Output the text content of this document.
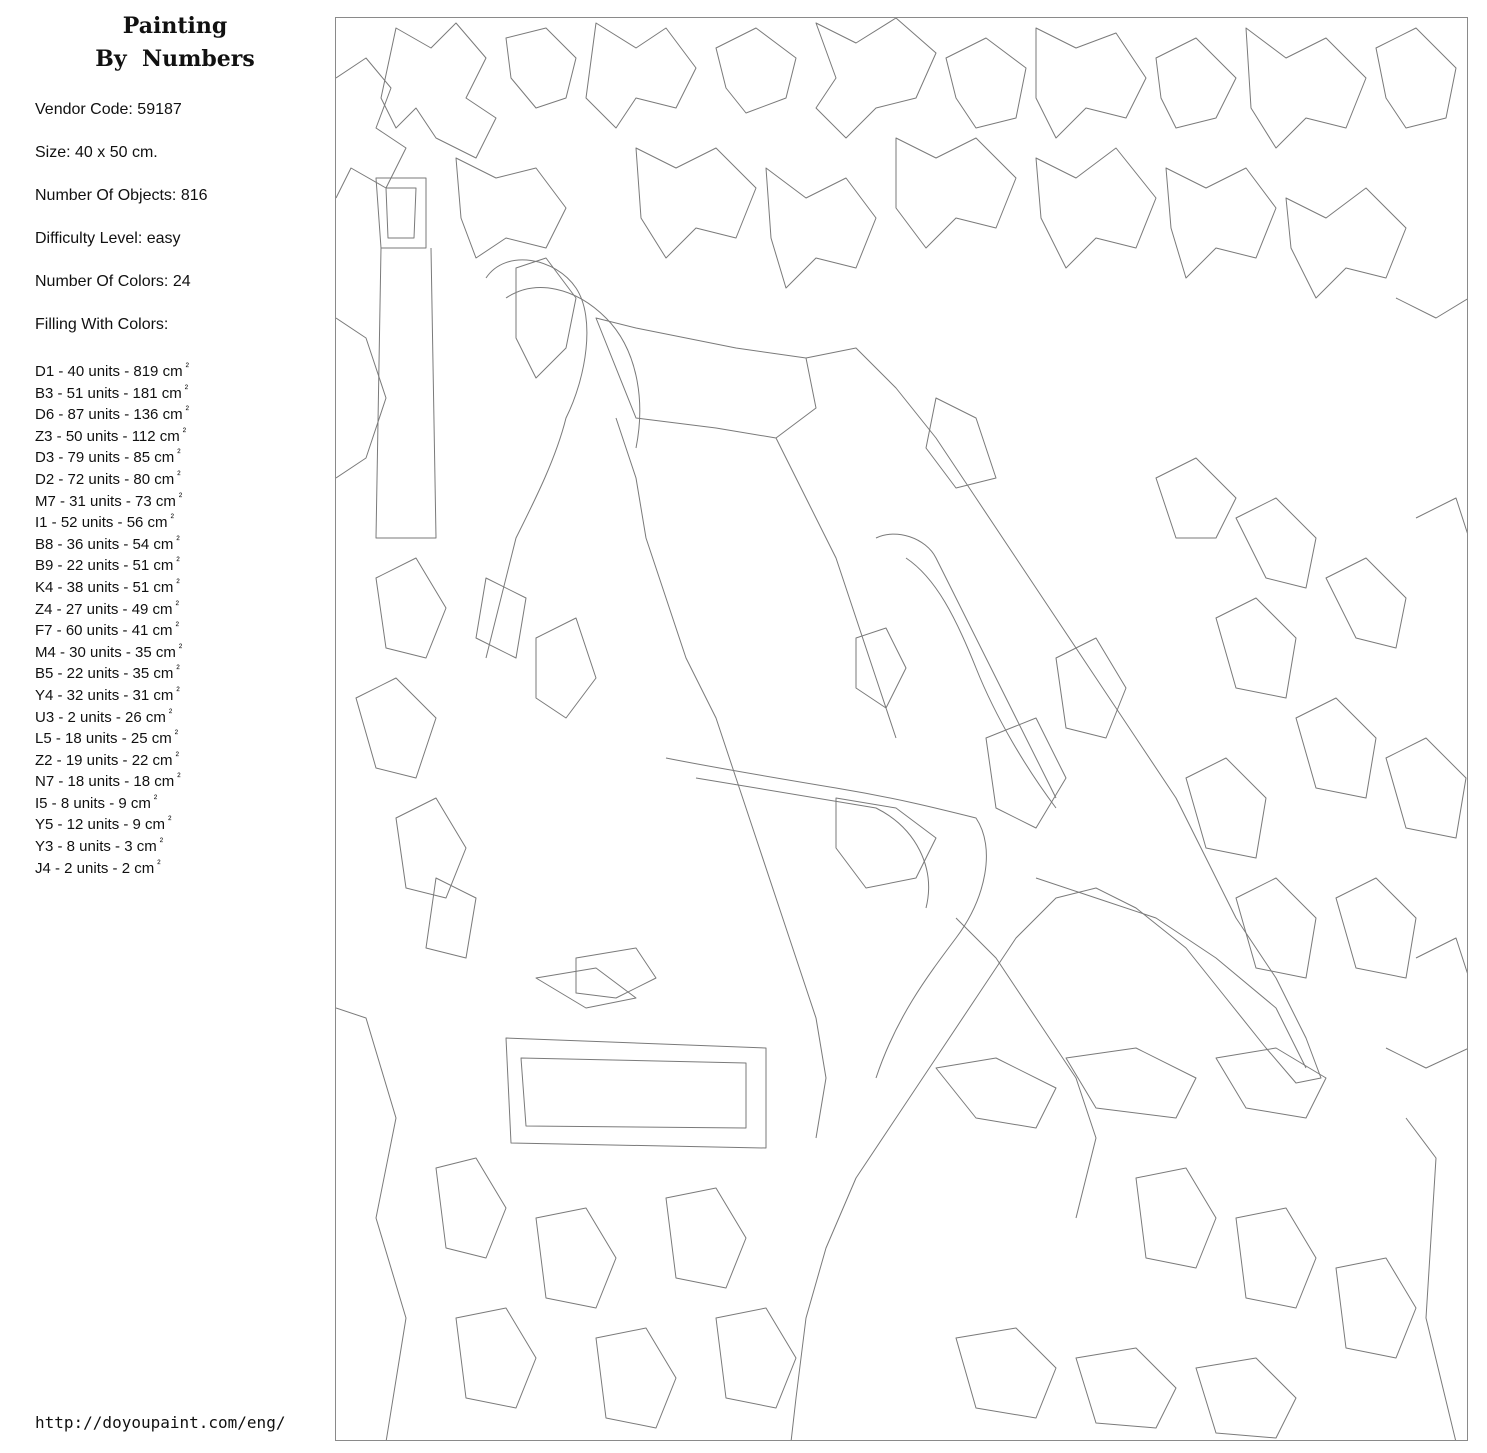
Painting
By  Numbers
Vendor Code: 59187
Size: 40 x 50 cm.
Number Of Objects: 816
Difficulty Level: easy
Number Of Colors: 24
Filling With Colors:
D1 - 40 units - 819 cm $^{^2}$
B3 - 51 units - 181 cm $^{^2}$
D6 - 87 units - 136 cm $^{^2}$
Z3 - 50 units - 112 cm $^{^2}$
D3 - 79 units - 85 cm $^{^2}$
D2 - 72 units - 80 cm $^{^2}$
M7 - 31 units - 73 cm $^{^2}$
I1 - 52 units - 56 cm $^{^2}$
B8 - 36 units - 54 cm $^{^2}$
B9 - 22 units - 51 cm $^{^2}$
K4 - 38 units - 51 cm $^{^2}$
Z4 - 27 units - 49 cm $^{^2}$
F7 - 60 units - 41 cm $^{^2}$
M4 - 30 units - 35 cm $^{^2}$
B5 - 22 units - 35 cm $^{^2}$
Y4 - 32 units - 31 cm $^{^2}$
U3 - 2 units - 26 cm $^{^2}$
L5 - 18 units - 25 cm $^{^2}$
Z2 - 19 units - 22 cm $^{^2}$
N7 - 18 units - 18 cm $^{^2}$
I5 - 8 units - 9 cm $^{^2}$
Y5 - 12 units - 9 cm $^{^2}$
Y3 - 8 units - 3 cm $^{^2}$
J4 - 2 units - 2 cm $^{^2}$
http://doyoupaint.com/eng/
